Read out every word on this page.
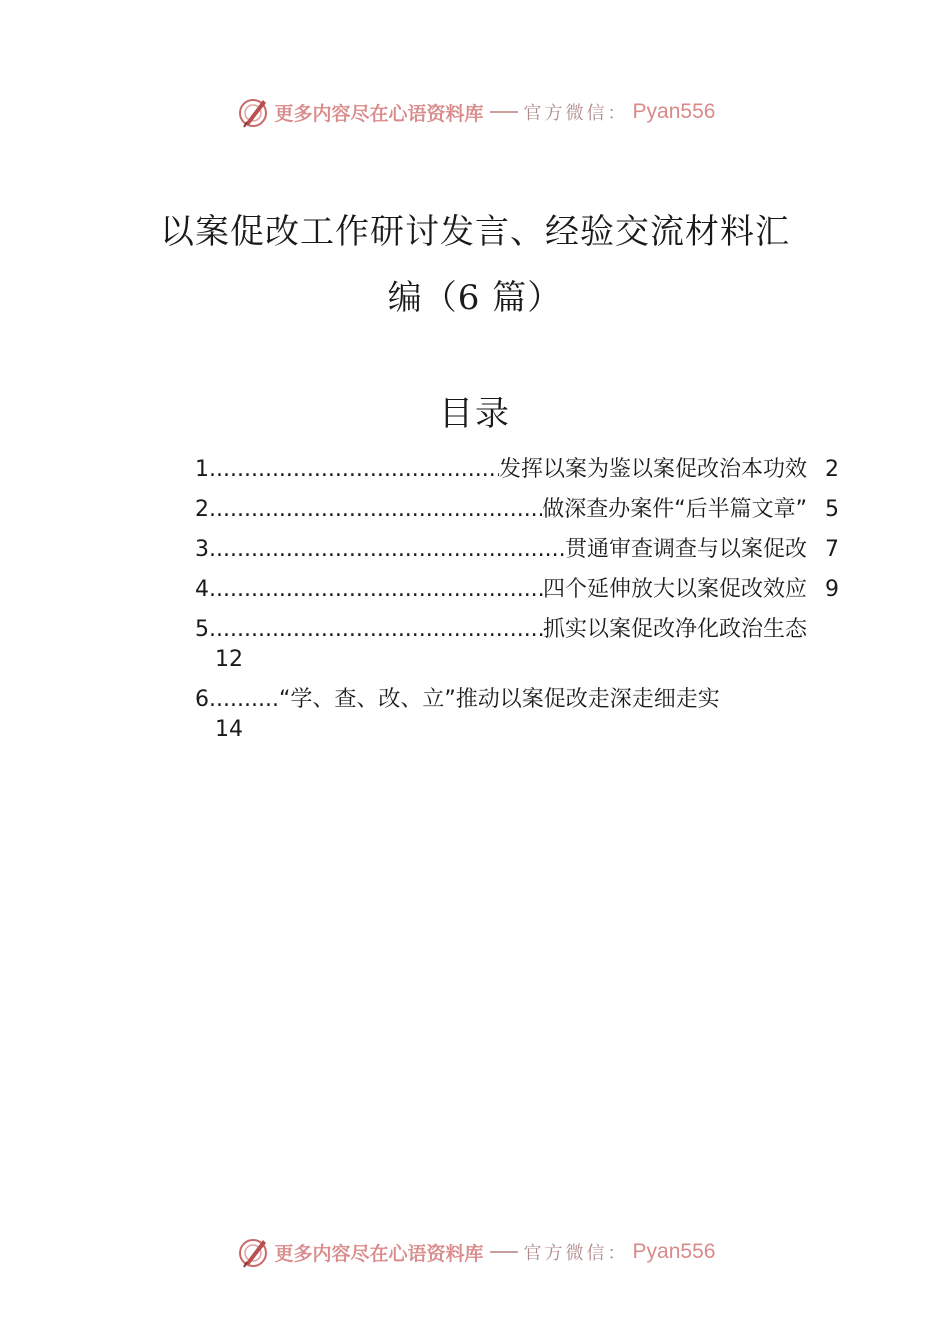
更多内容尽在心语资料库 官方微信： Pyan556
以案促改工作研讨发言、经验交流材料汇
编（6 篇）
目录
1 .....	发挥以案为鉴以案促改治本功效 2
2 .....	做深查办案件“后半篇文章” 5
3 .....	贯通审查调查与以案促改 7
4 .....	四个延伸放大以案促改效应 9
5 .....	抓实以案促改净化政治生态
12
6 .....	“学、查、改、立”推动以案促改走深走细走实
14
更多内容尽在心语资料库 官方微信： Pyan556
